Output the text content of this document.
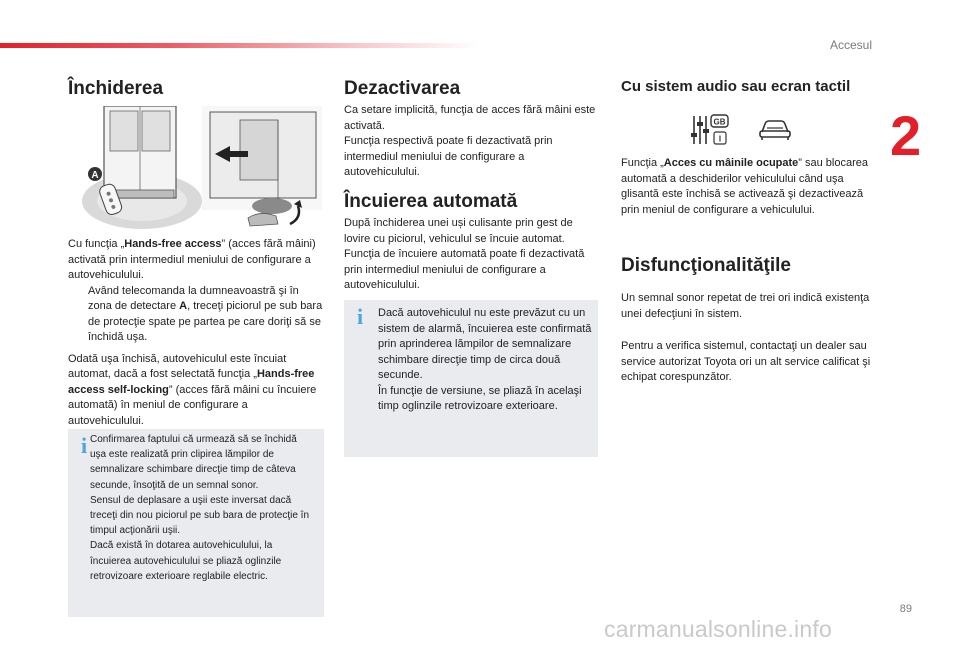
Accesul
2
Închiderea
A

Cu funcţia „Hands-free access” (acces fără mâini) activată prin intermediul meniului de configurare a autovehiculului.

Având telecomanda la dumneavoastră şi în zona de detectare A, treceţi piciorul pe sub bara de protecţie spate pe partea pe care doriţi să se închidă uşa.

Odată uşa închisă, autovehiculul este încuiat automat, dacă a fost selectată funcţia „Hands-free access self-locking” (acces fără mâini cu încuiere automată) în meniul de configurare a autovehiculului.

i Confirmarea faptului că urmează să se închidă uşa este realizată prin clipirea lămpilor de semnalizare schimbare direcţie timp de câteva secunde, însoţită de un semnal sonor.
Sensul de deplasare a uşii este inversat dacă treceţi din nou piciorul pe sub bara de protecţie în timpul acţionării uşii.
Dacă există în dotarea autovehiculului, la încuierea autovehiculului se pliază oglinzile retrovizoare exterioare reglabile electric.
Dezactivarea

Ca setare implicită, funcţia de acces fără mâini este activată.
Funcţia respectivă poate fi dezactivată prin intermediul meniului de configurare a autovehiculului.

Încuierea automată

După închiderea unei uși culisante prin gest de lovire cu piciorul, vehiculul se încuie automat. Funcţia de încuiere automată poate fi dezactivată prin intermediul meniului de configurare a autovehiculului.

i Dacă autovehiculul nu este prevăzut cu un sistem de alarmă, încuierea este confirmată prin aprinderea lămpilor de semnalizare schimbare direcţie timp de circa două secunde.
În funcţie de versiune, se pliază în acelaşi timp oglinzile retrovizoare exterioare.
Cu sistem audio sau ecran tactil
GB
I

Funcţia „Acces cu mâinile ocupate” sau blocarea automată a deschiderilor vehiculului când uşa glisantă este închisă se activează şi dezactivează prin meniul de configurare a vehiculului.

Disfuncţionalităţile

Un semnal sonor repetat de trei ori indică existenţa unei defecţiuni în sistem.

Pentru a verifica sistemul, contactaţi un dealer sau service autorizat Toyota ori un alt service calificat şi echipat corespunzător.

89
carmanualsonline.info
